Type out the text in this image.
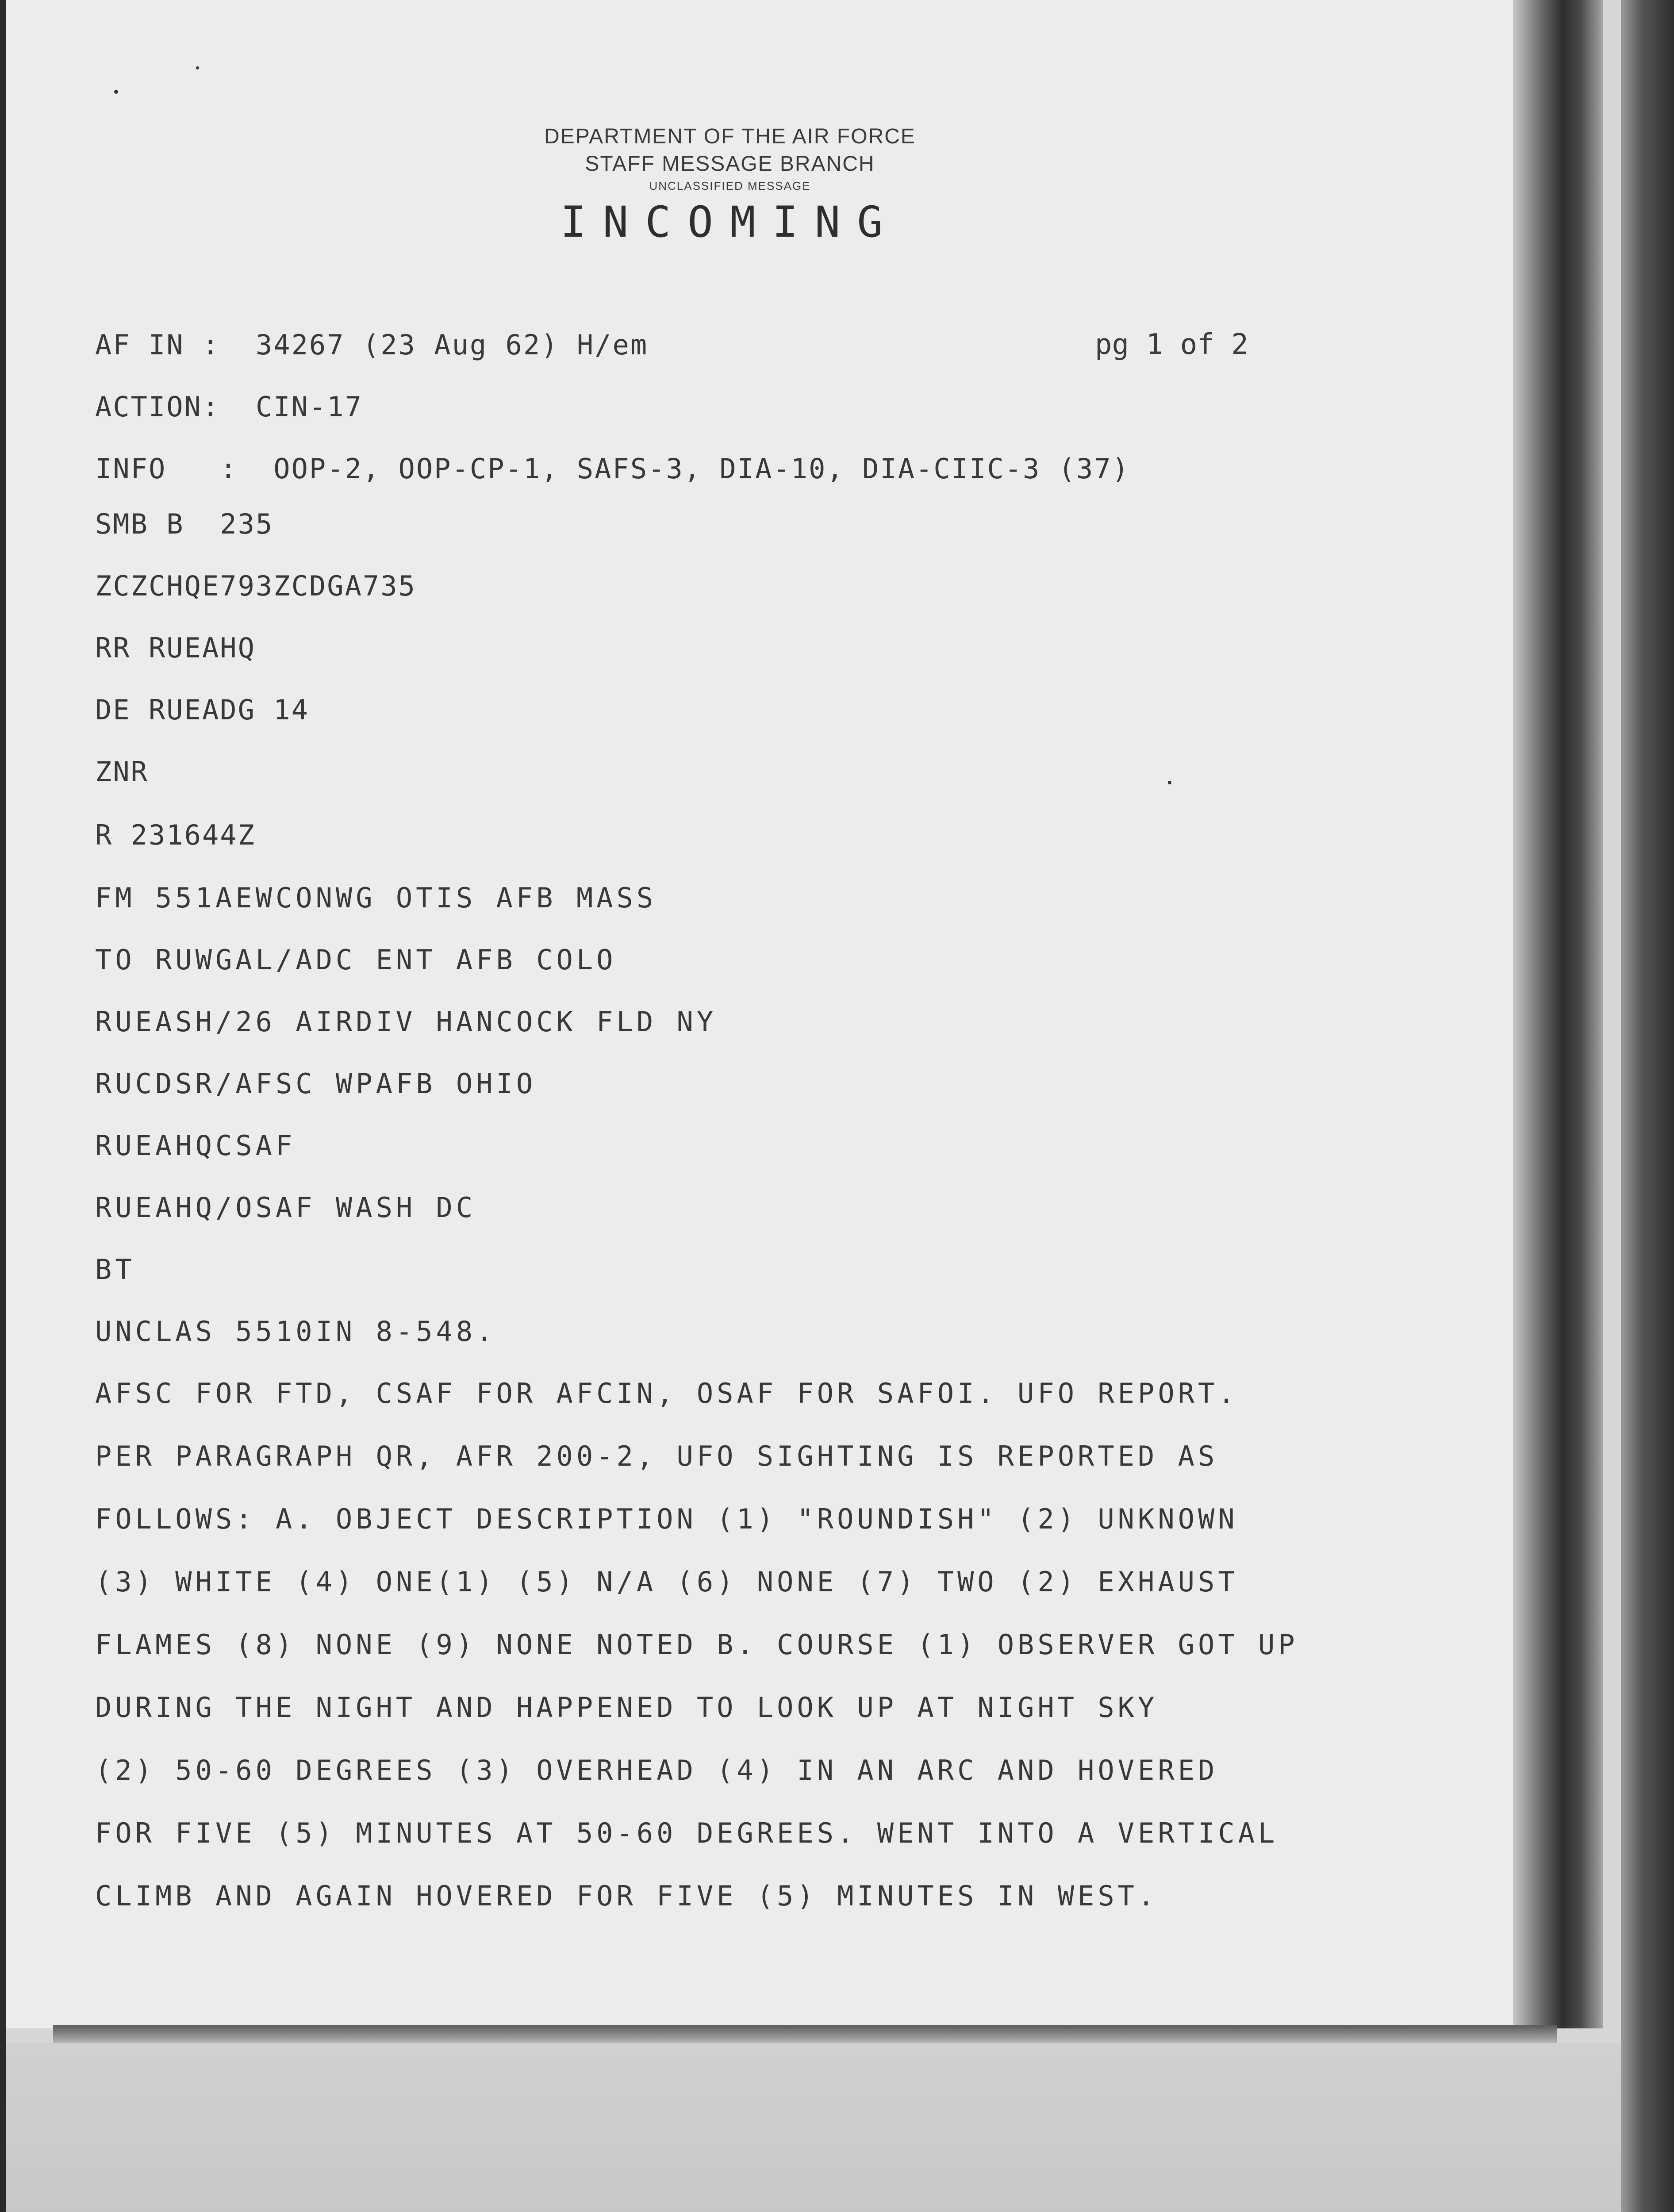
DEPARTMENT OF THE AIR FORCE
STAFF MESSAGE BRANCH
UNCLASSIFIED MESSAGE
INCOMING
pg 1 of 2
AF IN :  34267 (23 Aug 62) H/em
ACTION:  CIN-17
INFO   :  OOP-2, OOP-CP-1, SAFS-3, DIA-10, DIA-CIIC-3 (37)
SMB B  235
ZCZCHQE793ZCDGA735
RR RUEAHQ
DE RUEADG 14
ZNR
R 231644Z
FM 551AEWCONWG OTIS AFB MASS
TO RUWGAL/ADC ENT AFB COLO
RUEASH/26 AIRDIV HANCOCK FLD NY
RUCDSR/AFSC WPAFB OHIO
RUEAHQCSAF
RUEAHQ/OSAF WASH DC
BT
UNCLAS 5510IN 8-548.
AFSC FOR FTD, CSAF FOR AFCIN, OSAF FOR SAFOI. UFO REPORT.
PER PARAGRAPH QR, AFR 200-2, UFO SIGHTING IS REPORTED AS
FOLLOWS: A. OBJECT DESCRIPTION (1) "ROUNDISH" (2) UNKNOWN
(3) WHITE (4) ONE(1) (5) N/A (6) NONE (7) TWO (2) EXHAUST
FLAMES (8) NONE (9) NONE NOTED B. COURSE (1) OBSERVER GOT UP
DURING THE NIGHT AND HAPPENED TO LOOK UP AT NIGHT SKY
(2) 50-60 DEGREES (3) OVERHEAD (4) IN AN ARC AND HOVERED
FOR FIVE (5) MINUTES AT 50-60 DEGREES. WENT INTO A VERTICAL
CLIMB AND AGAIN HOVERED FOR FIVE (5) MINUTES IN WEST.
